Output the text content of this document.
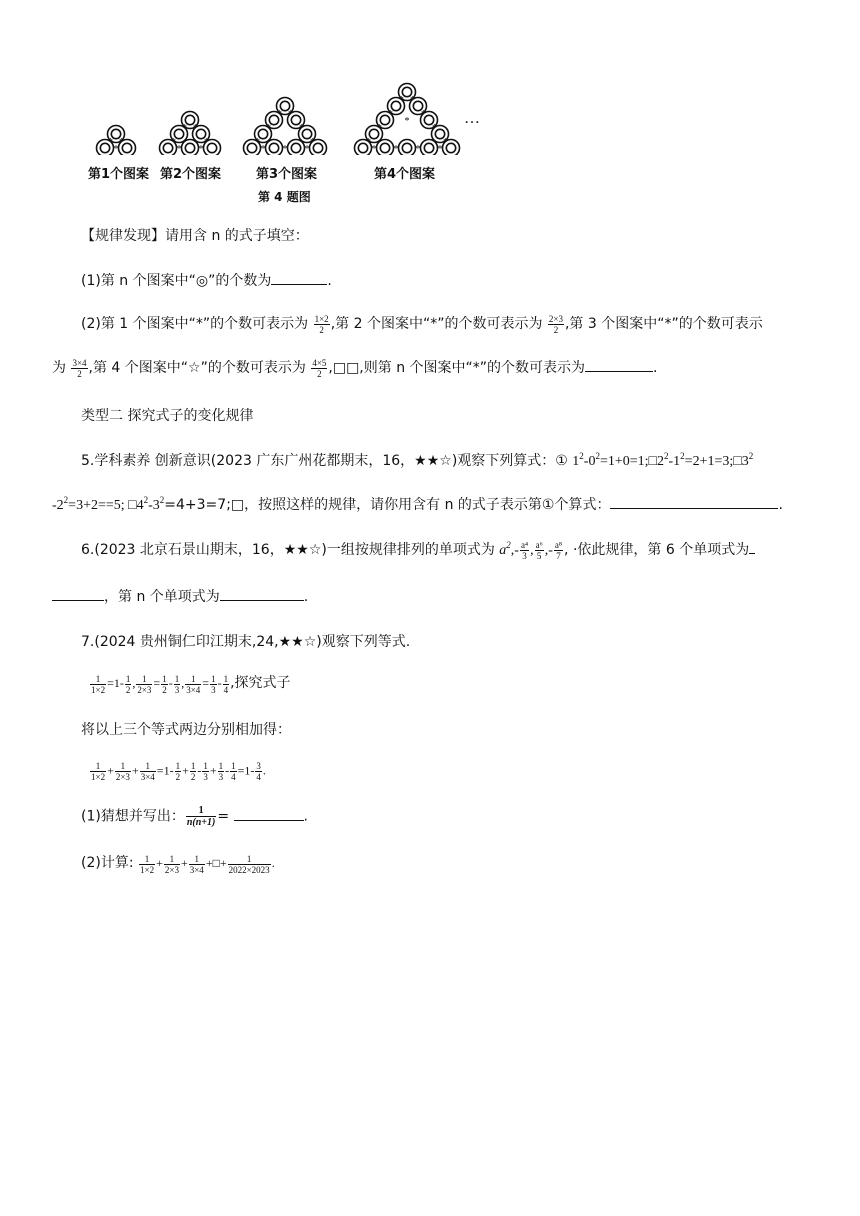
* *
*
* *
*	*
* *
* *
*	*
*	*
* * *
* *
*	*
*	*
*	*
* * * *
*	…
第1个图案 第2个图案	第3个图案	第4个图案
第 4 题图
【规律发现】请用含 n 的式子填空：
(1)第 n 个图案中“◎”的个数为	.
(2)第 1 个图案中“*”的个数可表示为 $\frac{1\times 2}{2}$ ,第 2 个图案中“*”的个数可表示为 $\frac{2\times 3}{2}$ ,第 3 个图案中“*”的个数可表示
为 $\frac{3\times 4}{2}$ ,第 4 个图案中“☆”的个数可表示为 $\frac{4\times 5}{2}$ ,□□,则第 n 个图案中“*”的个数可表示为	.
类型二 探究式子的变化规律
5.学科素养 创新意识(2023 广东广州花都期末，16，★★☆)观察下列算式：① $1^2-0^2=1+0=1;□2^2-1^2=2+1=3;□3^2$
$-2^2=3+2==5$; $□4^2-3^2=4+3=7;□$，按照这样的规律，请你用含有 n 的式子表示第①个算式：	.
6.(2023 北京石景山期末，16，★★☆)一组按规律排列的单项式为 $a^2,- \frac{\text{a⁴}}{3}$ , $\frac{\text{a⁶}}{5}$ ,- $\frac{\text{a⁸}}{7}$ , ·依此规律，第 6 个单项式为
，第 n 个单项式为	.
7.(2024 贵州铜仁印江期末,24,★★☆)观察下列等式.
$\frac{1}{1\times 2} =1- \frac{1}{2}$ , $\frac{1}{2\times 3} = \frac{1}{2} - \frac{1}{3}$ , $\frac{1}{3\times 4} = \frac{1}{3} - \frac{1}{4}$ ,探究式子
将以上三个等式两边分别相加得：
$\frac{1}{1\times 2} + \frac{1}{2\times 3} + \frac{1}{3\times 4} =1- \frac{1}{2} + \frac{1}{2} - \frac{1}{3} + \frac{1}{3} - \frac{1}{4} =1- \frac{3}{4}$ .
(1)猜想并写出： $\frac{1}{n(n+1)}$ =	.
(2)计算: $\frac{1}{1\times 2} + \frac{1}{2\times 3} + \frac{1}{3\times 4}$ +□+ $\frac{1}{2022\times 2023}$ .
